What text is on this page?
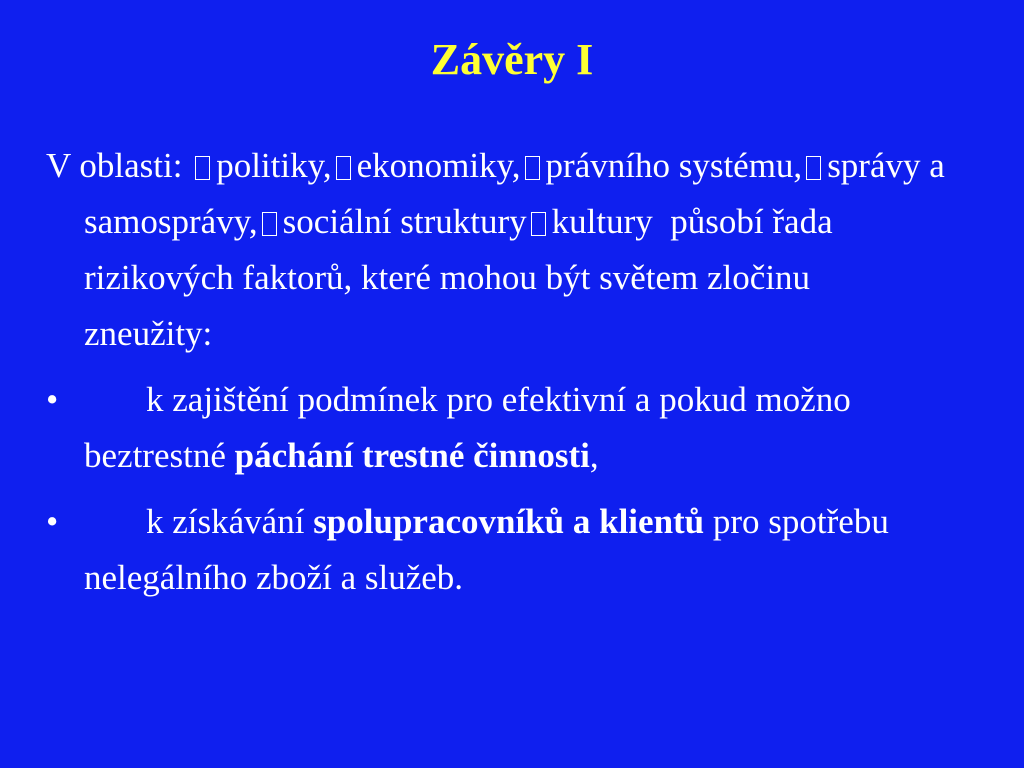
Závěry I

V oblasti: politiky, ekonomiky, právního systému, správy a samosprávy, sociální struktury kultury působí řada rizikových faktorů, které mohou být světem zločinu zneužity:

•	k zajištění podmínek pro efektivní a pokud možno beztrestné páchání trestné činnosti,

•	k získávání spolupracovníků a klientů pro spotřebu nelegálního zboží a služeb.
